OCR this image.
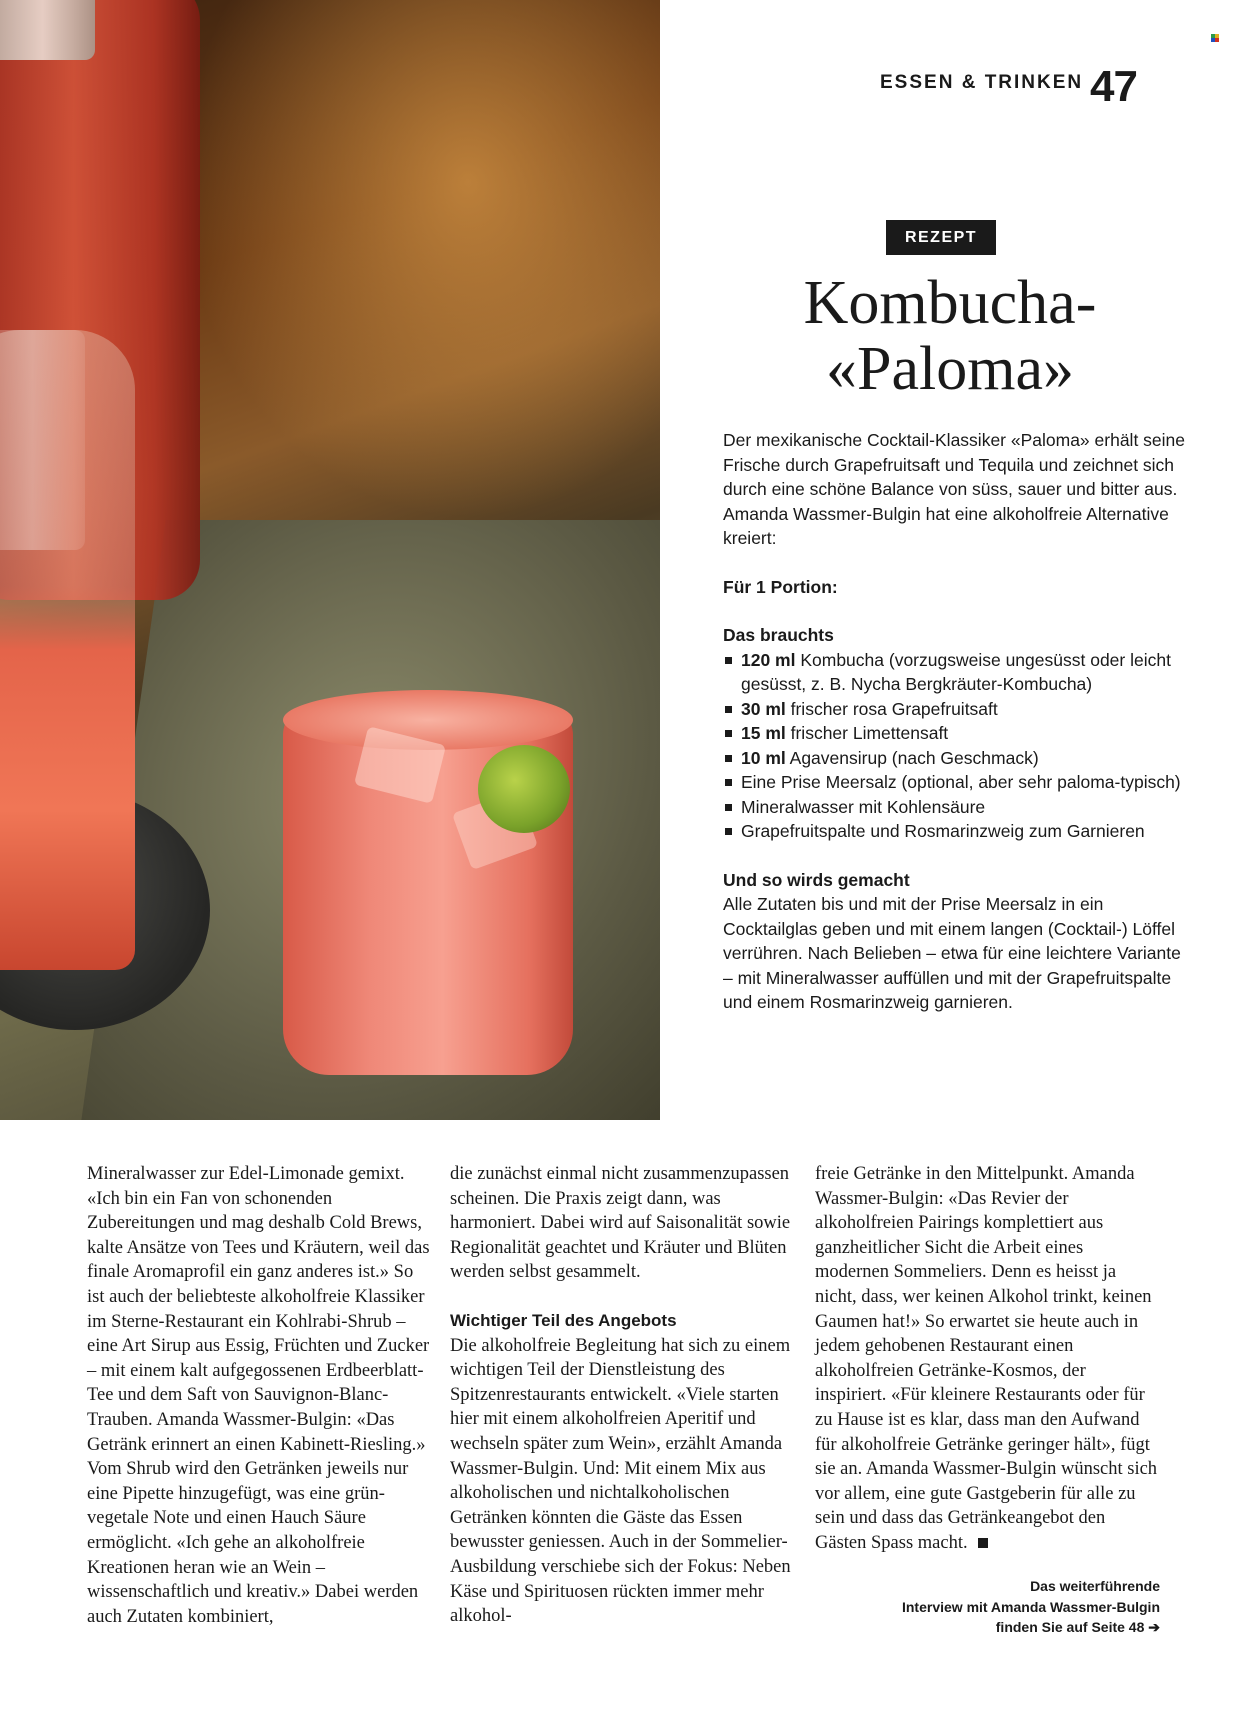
ESSEN & TRINKEN 47
REZEPT
Kombucha-
«Paloma»

Der mexikanische Cocktail-Klassiker «Paloma» erhält seine Frische durch Grapefruitsaft und Tequila und zeichnet sich durch eine schöne Balance von süss, sauer und bitter aus. Amanda Wassmer-Bulgin hat eine alkoholfreie Alternative kreiert:

Für 1 Portion:

Das brauchts
120 ml Kombucha (vorzugsweise ungesüsst oder leicht gesüsst, z. B. Nycha Bergkräuter-Kombucha)
30 ml frischer rosa Grapefruitsaft
15 ml frischer Limettensaft
10 ml Agavensirup (nach Geschmack)
Eine Prise Meersalz (optional, aber sehr paloma-typisch)
Mineralwasser mit Kohlensäure
Grapefruitspalte und Rosmarinzweig zum Garnieren
Und so wirds gemacht

Alle Zutaten bis und mit der Prise Meersalz in ein Cocktailglas geben und mit einem langen (Cocktail-) Löffel verrühren. Nach Belieben – etwa für eine leichtere Variante – mit Mineralwasser auffüllen und mit der Grapefruitspalte und einem Rosmarinzweig garnieren.

Mineralwasser zur Edel-Limonade gemixt. «Ich bin ein Fan von schonenden Zubereitungen und mag deshalb Cold Brews, kalte Ansätze von Tees und Kräutern, weil das finale Aromaprofil ein ganz anderes ist.» So ist auch der beliebteste alkoholfreie Klassiker im Sterne-Restaurant ein Kohlrabi-Shrub – eine Art Sirup aus Essig, Früchten und Zucker – mit einem kalt aufgegossenen Erdbeerblatt-Tee und dem Saft von Sauvignon-Blanc-Trauben. Amanda Wassmer-Bulgin: «Das Getränk erinnert an einen Kabinett-Riesling.» Vom Shrub wird den Getränken jeweils nur eine Pipette hinzugefügt, was eine grün-vegetale Note und einen Hauch Säure ermöglicht. «Ich gehe an alkoholfreie Kreationen heran wie an Wein – wissenschaftlich und kreativ.» Dabei werden auch Zutaten kombiniert,

die zunächst einmal nicht zusammenzupassen scheinen. Die Praxis zeigt dann, was harmoniert. Dabei wird auf Saisonalität sowie Regionalität geachtet und Kräuter und Blüten werden selbst gesammelt.

Wichtiger Teil des Angebots

Die alkoholfreie Begleitung hat sich zu einem wichtigen Teil der Dienstleistung des Spitzenrestaurants entwickelt. «Viele starten hier mit einem alkoholfreien Aperitif und wechseln später zum Wein», erzählt Amanda Wassmer-Bulgin. Und: Mit einem Mix aus alkoholischen und nichtalkoholischen Getränken könnten die Gäste das Essen bewusster geniessen. Auch in der Sommelier-Ausbildung verschiebe sich der Fokus: Neben Käse und Spirituosen rückten immer mehr alkohol-

freie Getränke in den Mittelpunkt. Amanda Wassmer-Bulgin: «Das Revier der alkoholfreien Pairings komplettiert aus ganzheitlicher Sicht die Arbeit eines modernen Sommeliers. Denn es heisst ja nicht, dass, wer keinen Alkohol trinkt, keinen Gaumen hat!» So erwartet sie heute auch in jedem gehobenen Restaurant einen alkoholfreien Getränke-Kosmos, der inspiriert. «Für kleinere Restaurants oder für zu Hause ist es klar, dass man den Aufwand für alkoholfreie Getränke geringer hält», fügt sie an. Amanda Wassmer-Bulgin wünscht sich vor allem, eine gute Gastgeberin für alle zu sein und dass das Getränkeangebot den Gästen Spass macht.

Das weiterführende

Interview mit Amanda Wassmer-Bulgin

finden Sie auf Seite 48 ➔
